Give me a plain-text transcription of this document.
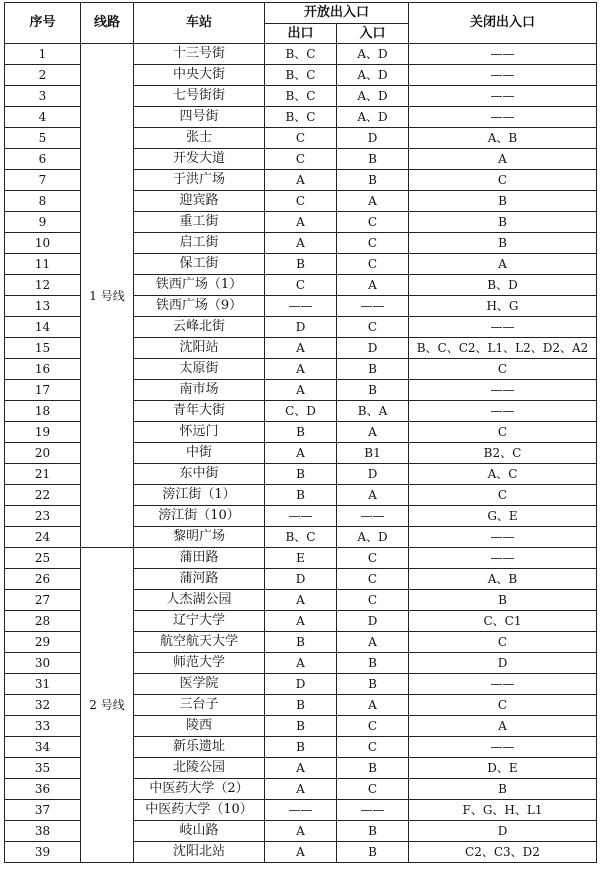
序号	线路	车站	开放出入口		关闭出入口
			出口	入口	
1	1 号线	十三号街	B、C	A、D	——
2		中央大街	B、C	A、D	——
3		七号街街	B、C	A、D	——
4		四号街	B、C	A、D	——
5		张士	C	D	A、B
6		开发大道	C	B	A
7		于洪广场	A	B	C
8		迎宾路	C	A	B
9		重工街	A	C	B
10		启工街	A	C	B
11		保工街	B	C	A
12		铁西广场（1）	C	A	B、D
13		铁西广场（9）	——	——	H、G
14		云峰北街	D	C	——
15		沈阳站	A	D	B、C、C2、L1、L2、D2、A2
16		太原街	A	B	C
17		南市场	A	B	——
18		青年大街	C、D	B、A	——
19		怀远门	B	A	C
20		中街	A	B1	B2、C
21		东中街	B	D	A、C
22		滂江街（1）	B	A	C
23		滂江街（10）	——	——	G、E
24		黎明广场	B、C	A、D	——
25	2 号线	蒲田路	E	C	——
26		蒲河路	D	C	A、B
27		人杰湖公园	A	C	B
28		辽宁大学	A	D	C、C1
29		航空航天大学	B	A	C
30		师范大学	A	B	D
31		医学院	D	B	——
32		三台子	B	A	C
33		陵西	B	C	A
34		新乐遗址	B	C	——
35		北陵公园	A	B	D、E
36		中医药大学（2）	A	C	B
37		中医药大学（10）	——	——	F、G、H、L1
38		岐山路	A	B	D
39		沈阳北站	A	B	C2、C3、D2
